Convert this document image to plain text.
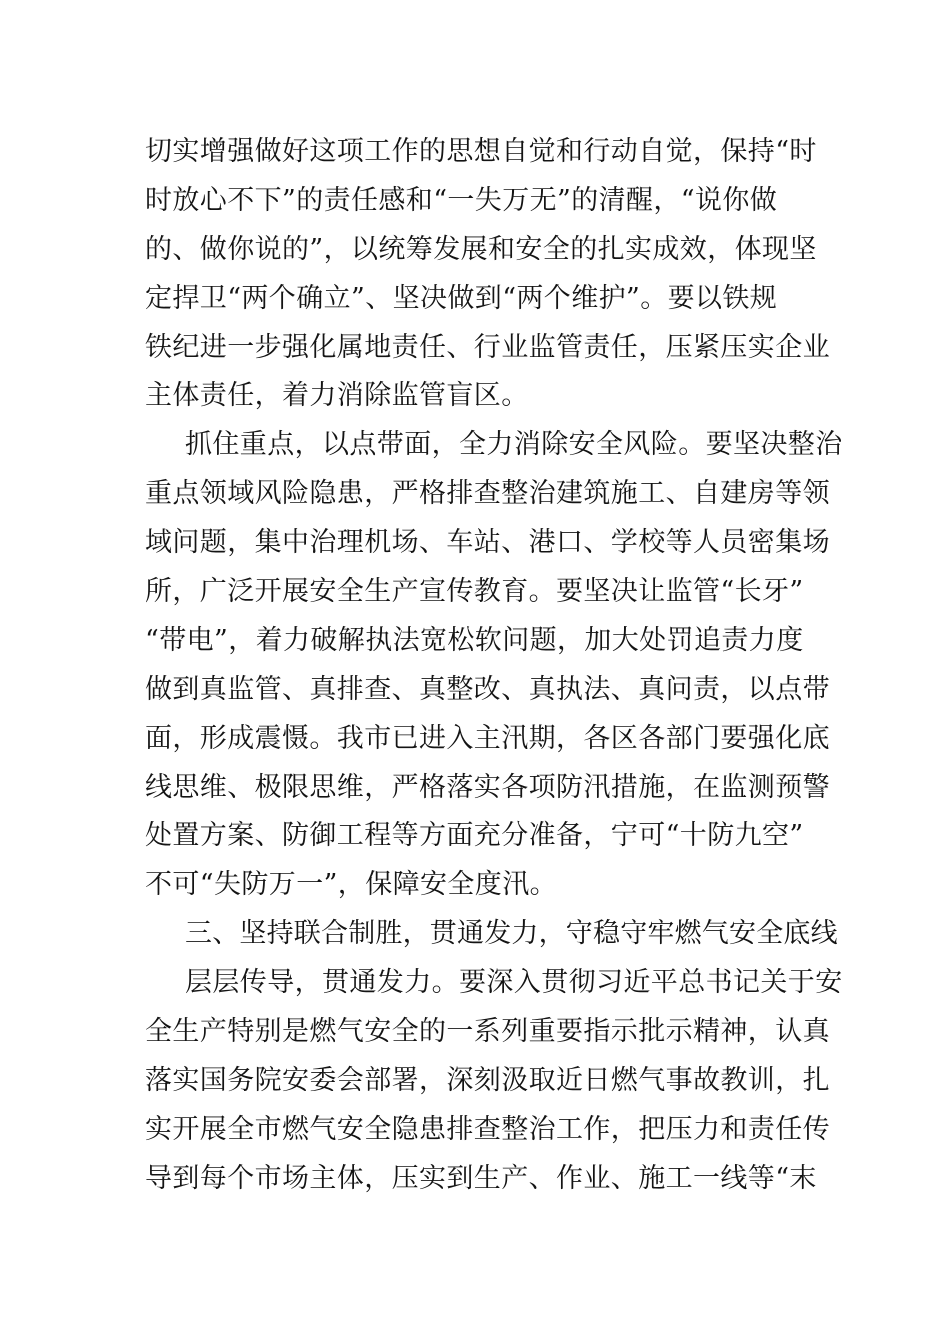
切实增强做好这项工作的思想自觉和行动自觉，保持“时
时放心不下”的责任感和“一失万无”的清醒，“说你做
的、做你说的”，以统筹发展和安全的扎实成效，体现坚
定捍卫“两个确立”、坚决做到“两个维护”。要以铁规
铁纪进一步强化属地责任、行业监管责任，压紧压实企业
主体责任，着力消除监管盲区。
抓住重点，以点带面，全力消除安全风险。要坚决整治
重点领域风险隐患，严格排查整治建筑施工、自建房等领
域问题，集中治理机场、车站、港口、学校等人员密集场
所，广泛开展安全生产宣传教育。要坚决让监管“长牙”
“带电”，着力破解执法宽松软问题，加大处罚追责力度
做到真监管、真排查、真整改、真执法、真问责，以点带
面，形成震慑。我市已进入主汛期，各区各部门要强化底
线思维、极限思维，严格落实各项防汛措施，在监测预警
处置方案、防御工程等方面充分准备，宁可“十防九空”
不可“失防万一”，保障安全度汛。
三、坚持联合制胜，贯通发力，守稳守牢燃气安全底线
层层传导，贯通发力。要深入贯彻习近平总书记关于安
全生产特别是燃气安全的一系列重要指示批示精神，认真
落实国务院安委会部署，深刻汲取近日燃气事故教训，扎
实开展全市燃气安全隐患排查整治工作，把压力和责任传
导到每个市场主体，压实到生产、作业、施工一线等“末
